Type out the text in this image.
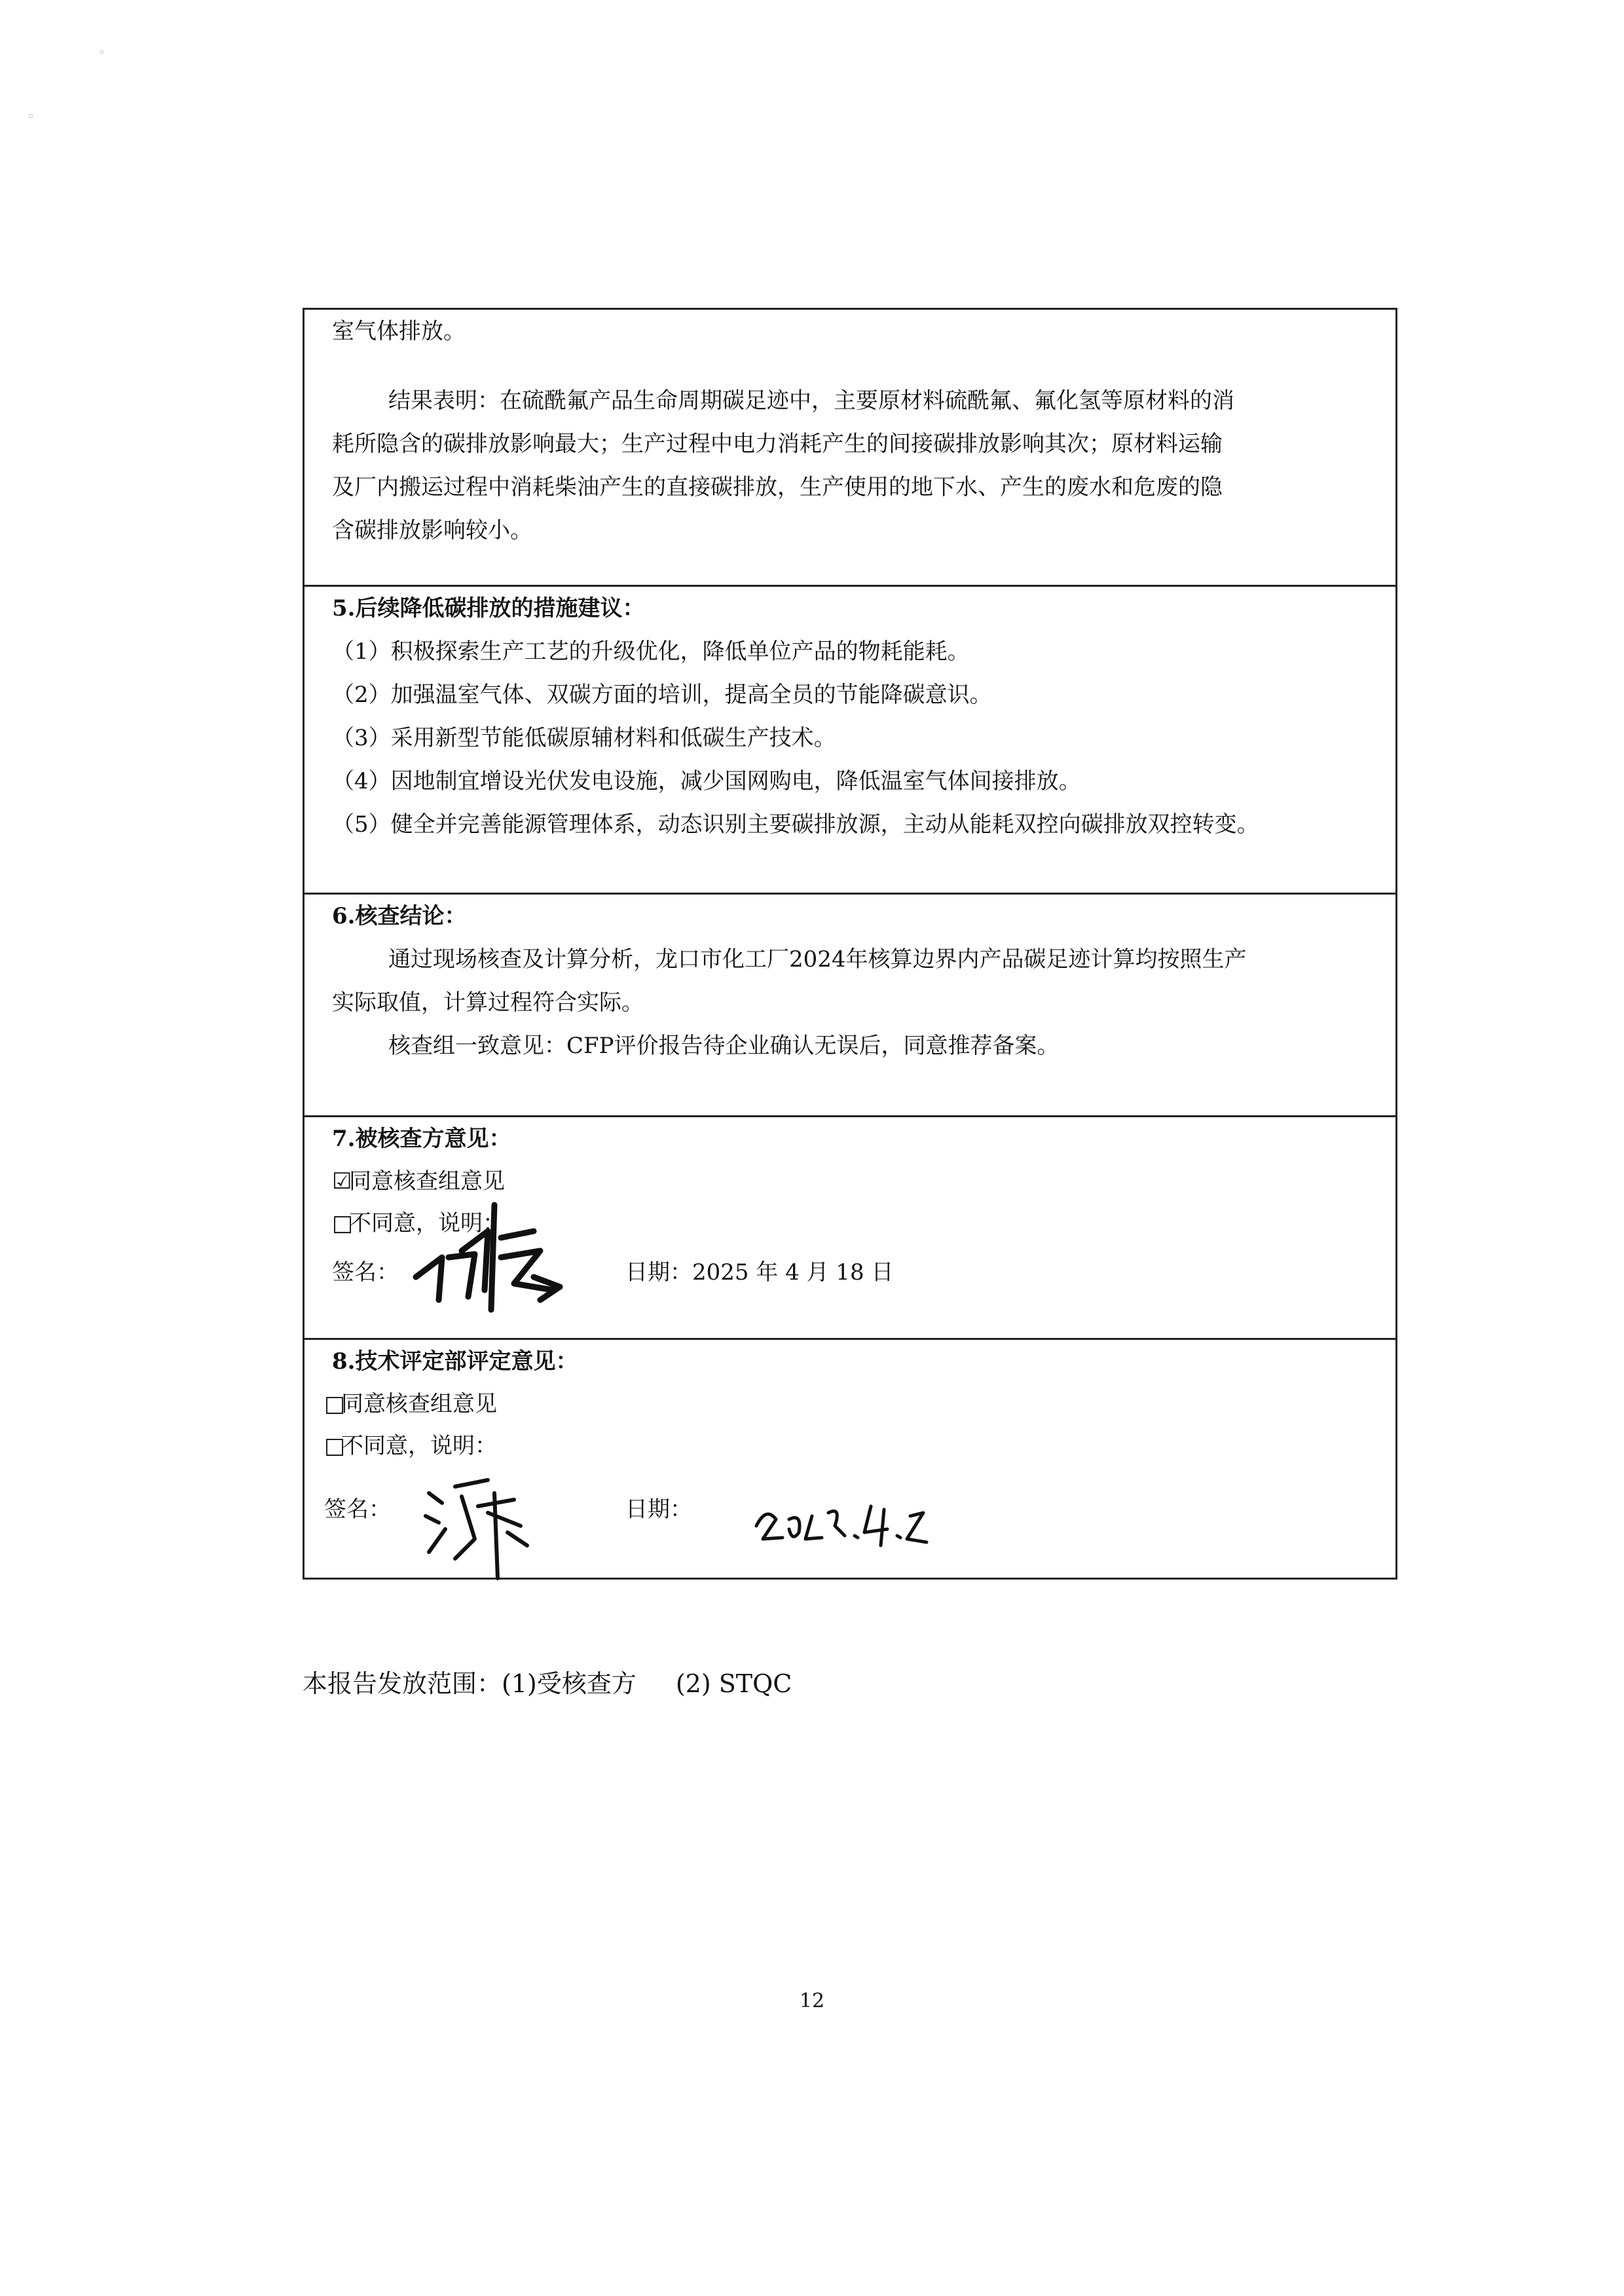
◦
◦
室气体排放。
结果表明：在硫酰氟产品生命周期碳足迹中，主要原材料硫酰氟、氟化氢等原材料的消
耗所隐含的碳排放影响最大；生产过程中电力消耗产生的间接碳排放影响其次；原材料运输
及厂内搬运过程中消耗柴油产生的直接碳排放，生产使用的地下水、产生的废水和危废的隐
含碳排放影响较小。
5.后续降低碳排放的措施建议：
（1）积极探索生产工艺的升级优化，降低单位产品的物耗能耗。
（2）加强温室气体、双碳方面的培训，提高全员的节能降碳意识。
（3）采用新型节能低碳原辅材料和低碳生产技术。
（4）因地制宜增设光伏发电设施，减少国网购电，降低温室气体间接排放。
（5）健全并完善能源管理体系，动态识别主要碳排放源，主动从能耗双控向碳排放双控转变。
6.核查结论：
通过现场核查及计算分析，龙口市化工厂2024年核算边界内产品碳足迹计算均按照生产
实际取值，计算过程符合实际。
核查组一致意见：CFP评价报告待企业确认无误后，同意推荐备案。
7.被核查方意见：
☑同意核查组意见
□不同意，说明：
签名：	日期：2025 年 4 月 18 日
8.技术评定部评定意见：
□同意核查组意见
□不同意，说明：
签名：	日期：
本报告发放范围：(1)受核查方 (2) STQC
12
